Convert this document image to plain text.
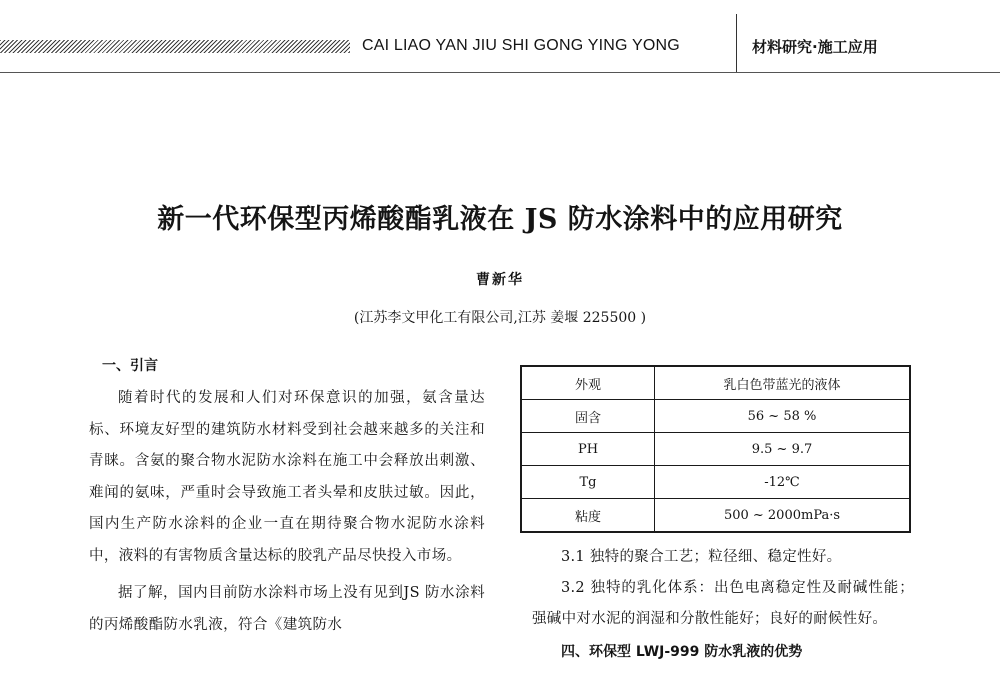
CAI LIAO YAN JIU SHI GONG YING YONG	材料研究·施工应用
新一代环保型丙烯酸酯乳液在 JS 防水涂料中的应用研究
曹新华
(江苏李文甲化工有限公司,江苏 姜堰 225500 )
一、引言

随着时代的发展和人们对环保意识的加强，氨含量达标、环境友好型的建筑防水材料受到社会越来越多的关注和青睐。含氨的聚合物水泥防水涂料在施工中会释放出刺激、难闻的氨味，严重时会导致施工者头晕和皮肤过敏。因此，国内生产防水涂料的企业一直在期待聚合物水泥防水涂料中，液料的有害物质含量达标的胶乳产品尽快投入市场。

据了解，国内目前防水涂料市场上没有见到JS 防水涂料的丙烯酸酯防水乳液，符合《建筑防水

外观	乳白色带蓝光的液体
固含	56 ~ 58 %
PH	9.5 ~ 9.7
Tg	-12℃
粘度	500 ~ 2000mPa·s

3.1 独特的聚合工艺；粒径细、稳定性好。

3.2 独特的乳化体系：出色电离稳定性及耐碱性能；强碱中对水泥的润湿和分散性能好；良好的耐候性好。

四、环保型 LWJ-999 防水乳液的优势
